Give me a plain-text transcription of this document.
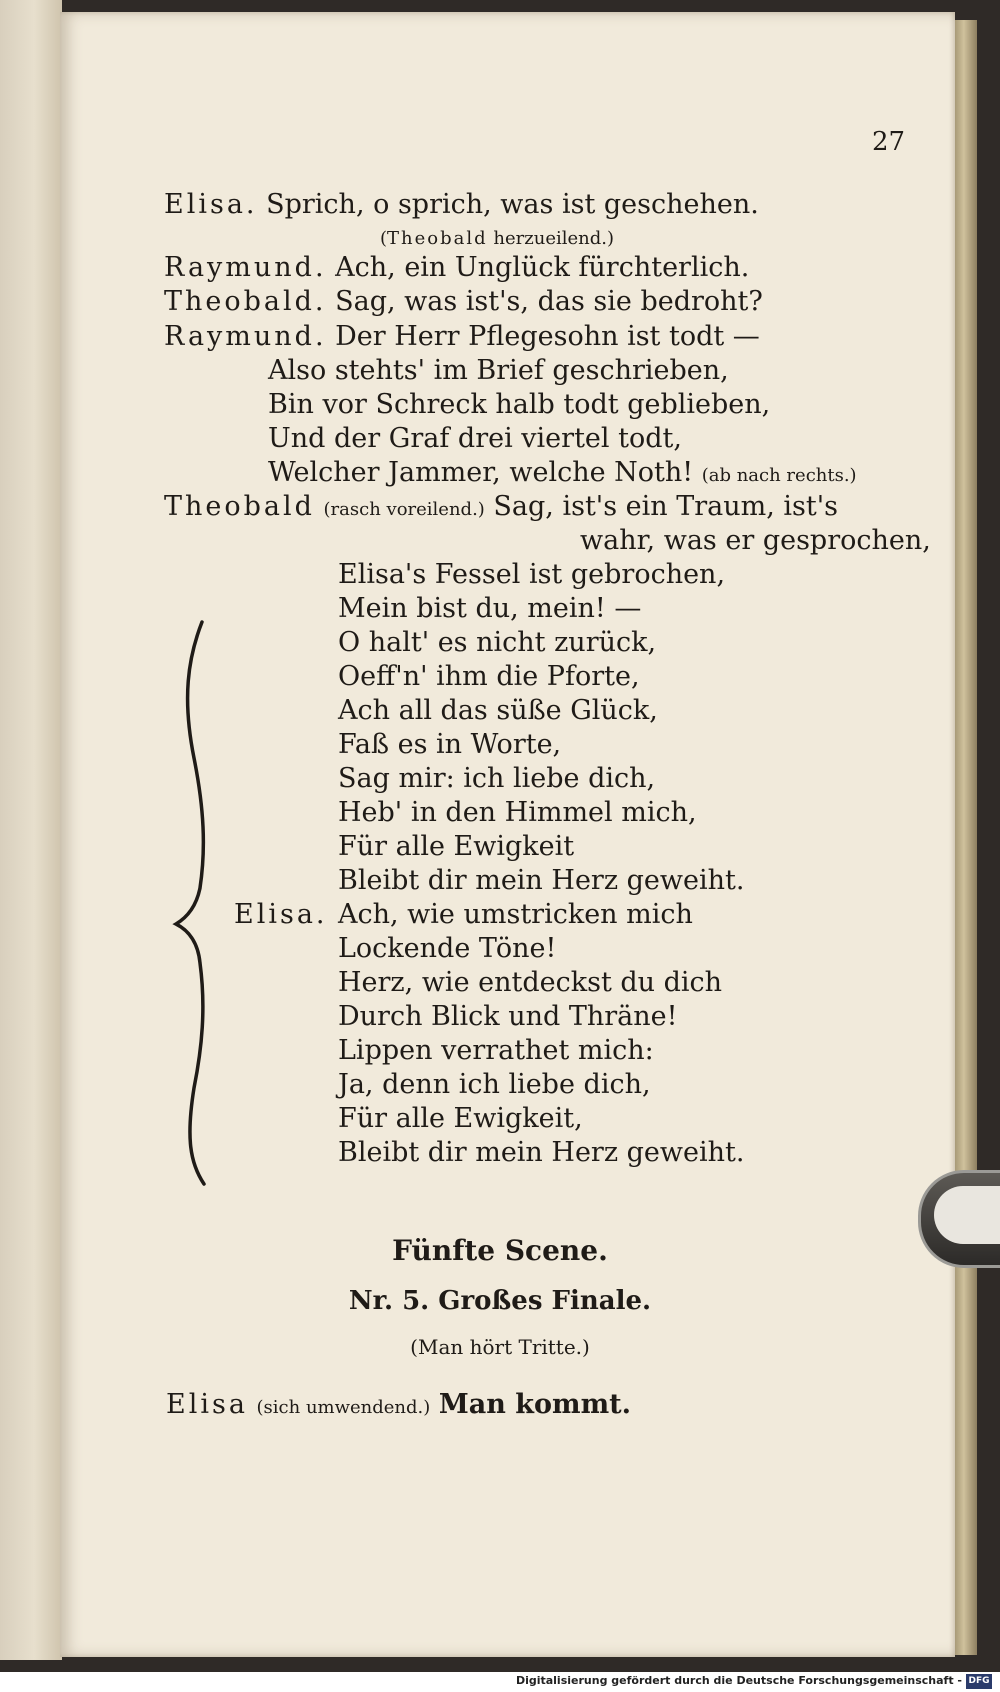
27
Elisa. Sprich, o sprich, was ist geschehen.
(Theobald herzueilend.)
Raymund. Ach, ein Unglück fürchterlich.
Theobald. Sag, was ist's, das sie bedroht?
Raymund. Der Herr Pflegesohn ist todt —
Also stehts' im Brief geschrieben,
Bin vor Schreck halb todt geblieben,
Und der Graf drei viertel todt,
Welcher Jammer, welche Noth! (ab nach rechts.)
Theobald (rasch voreilend.) Sag, ist's ein Traum, ist's
wahr, was er gesprochen,
Elisa's Fessel ist gebrochen,
Mein bist du, mein! —
O halt' es nicht zurück,
Oeff'n' ihm die Pforte,
Ach all das süße Glück,
Faß es in Worte,
Sag mir: ich liebe dich,
Heb' in den Himmel mich,
Für alle Ewigkeit
Bleibt dir mein Herz geweiht.
Elisa. Ach, wie umstricken mich
Lockende Töne!
Herz, wie entdeckst du dich
Durch Blick und Thräne!
Lippen verrathet mich:
Ja, denn ich liebe dich,
Für alle Ewigkeit,
Bleibt dir mein Herz geweiht.
Fünfte Scene.
Nr. 5. Großes Finale.
(Man hört Tritte.)
Elisa (sich umwendend.) Man kommt.
Digitalisierung gefördert durch die Deutsche Forschungsgemeinschaft - DFG
